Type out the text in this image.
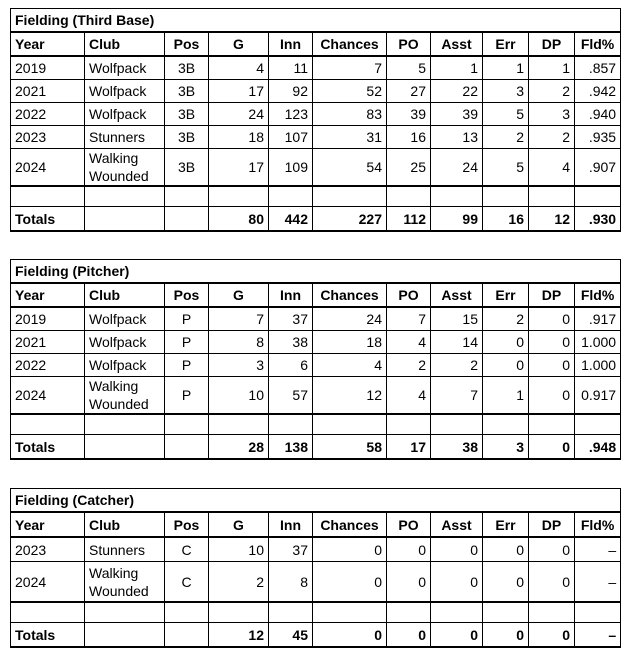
Fielding (Third Base)										
Year	Club	Pos	G	Inn	Chances	PO	Asst	Err	DP	Fld%
2019	Wolfpack	3B	4	11	7	5	1	1	1	.857
2021	Wolfpack	3B	17	92	52	27	22	3	2	.942
2022	Wolfpack	3B	24	123	83	39	39	5	3	.940
2023	Stunners	3B	18	107	31	16	13	2	2	.935
2024	Walking Wounded	3B	17	109	54	25	24	5	4	.907

Totals			80	442	227	112	99	16	12	.930
Fielding (Pitcher)										
Year	Club	Pos	G	Inn	Chances	PO	Asst	Err	DP	Fld%
2019	Wolfpack	P	7	37	24	7	15	2	0	.917
2021	Wolfpack	P	8	38	18	4	14	0	0	1.000
2022	Wolfpack	P	3	6	4	2	2	0	0	1.000
2024	Walking Wounded	P	10	57	12	4	7	1	0	0.917

Totals			28	138	58	17	38	3	0	.948
Fielding (Catcher)										
Year	Club	Pos	G	Inn	Chances	PO	Asst	Err	DP	Fld%
2023	Stunners	C	10	37	0	0	0	0	0	–
2024	Walking Wounded	C	2	8	0	0	0	0	0	–

Totals			12	45	0	0	0	0	0	–
